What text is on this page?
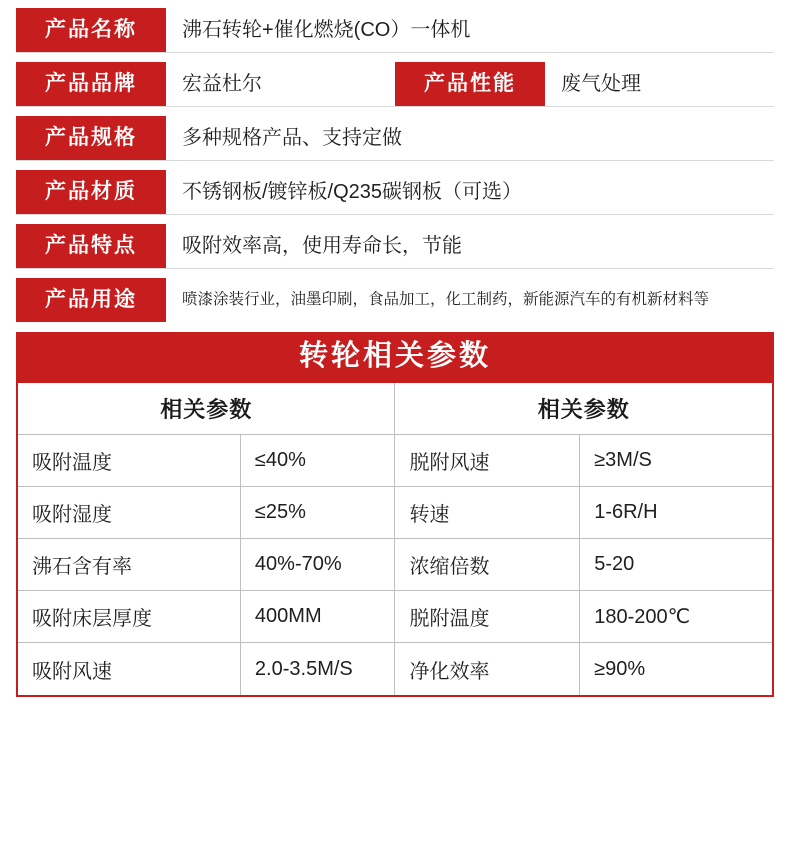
产品名称	沸石转轮+催化燃烧(CO）一体机
产品品牌	宏益杜尔	产品性能	废气处理
产品规格	多种规格产品、支持定做
产品材质	不锈钢板/镀锌板/Q235碳钢板（可选）
产品特点	吸附效率高，使用寿命长，节能
产品用途	喷漆涂装行业，油墨印刷，食品加工，化工制药，新能源汽车的有机新材料等
转轮相关参数
相关参数		相关参数	
吸附温度	≤40%	脱附风速	≥3M/S
吸附湿度	≤25%	转速	1-6R/H
沸石含有率	40%-70%	浓缩倍数	5-20
吸附床层厚度	400MM	脱附温度	180-200℃
吸附风速	2.0-3.5M/S	净化效率	≥90%
